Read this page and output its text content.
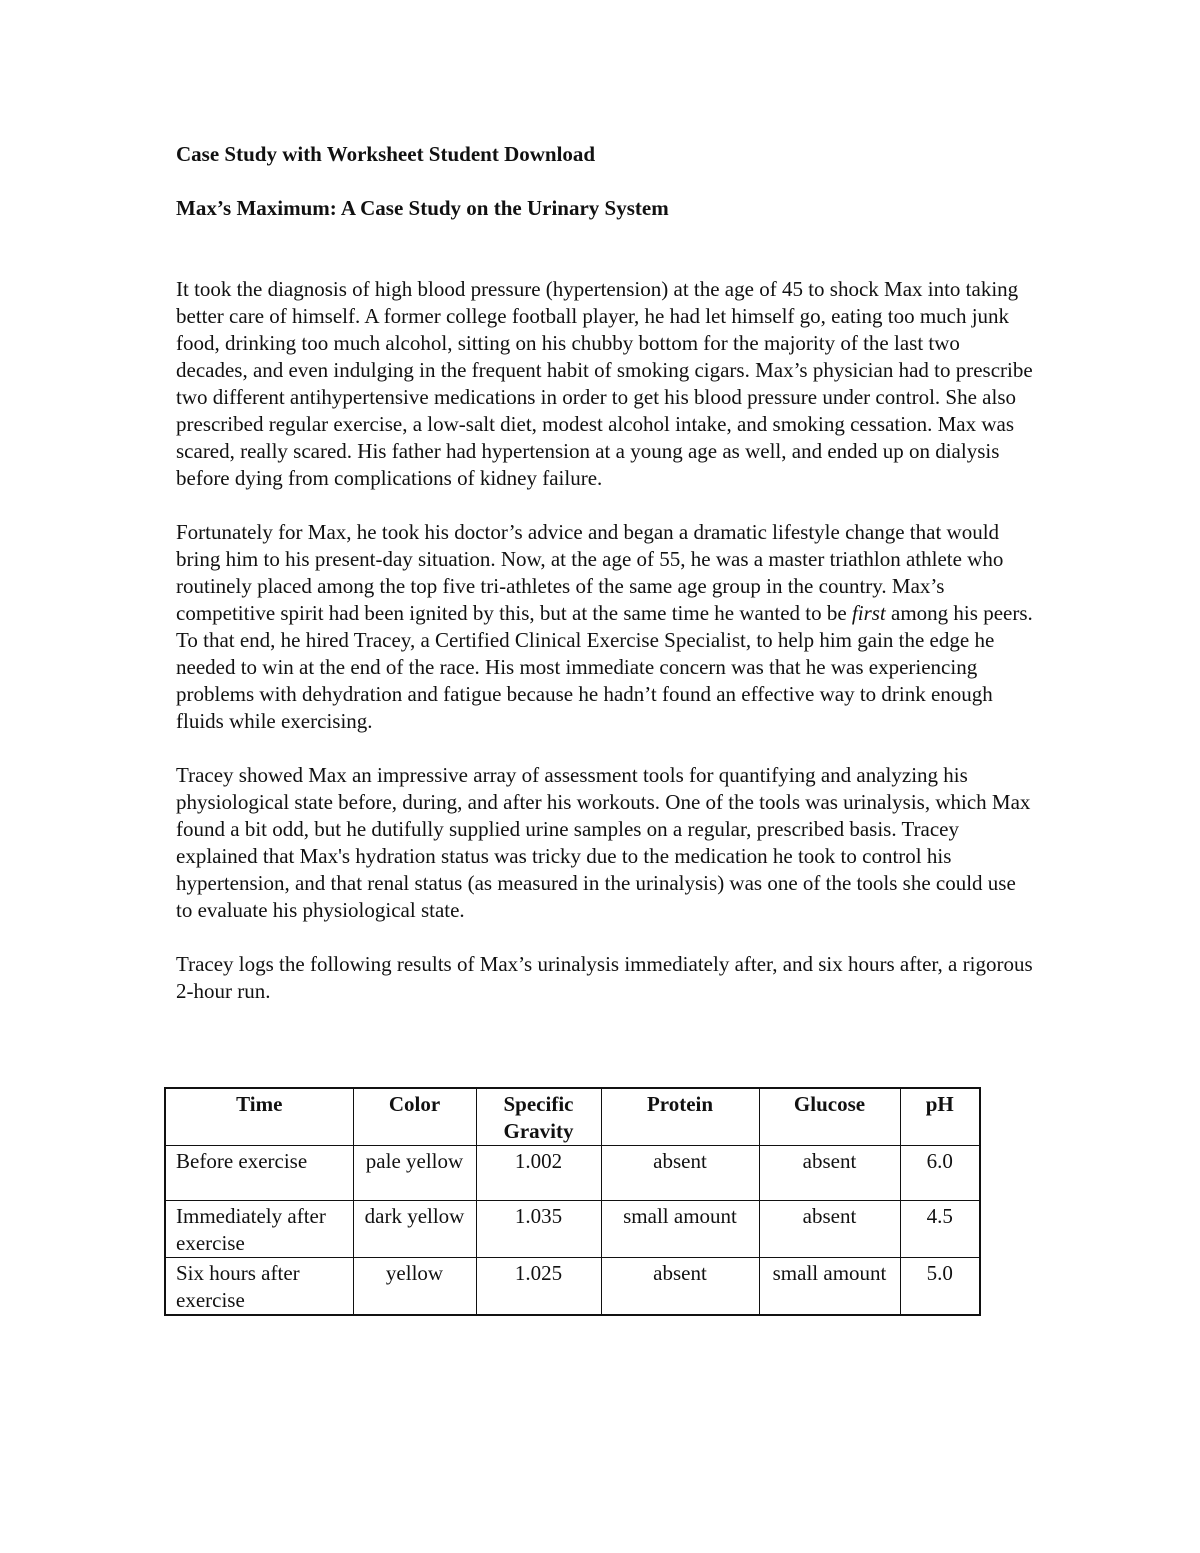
Case Study with Worksheet Student Download

Max’s Maximum: A Case Study on the Urinary System

It took the diagnosis of high blood pressure (hypertension) at the age of 45 to shock Max into taking better care of himself. A former college football player, he had let himself go, eating too much junk food, drinking too much alcohol, sitting on his chubby bottom for the majority of the last two decades, and even indulging in the frequent habit of smoking cigars. Max’s physician had to prescribe two different antihypertensive medications in order to get his blood pressure under control. She also prescribed regular exercise, a low-salt diet, modest alcohol intake, and smoking cessation. Max was scared, really scared. His father had hypertension at a young age as well, and ended up on dialysis before dying from complications of kidney failure.

Fortunately for Max, he took his doctor’s advice and began a dramatic lifestyle change that would bring him to his present-day situation. Now, at the age of 55, he was a master triathlon athlete who routinely placed among the top five tri-athletes of the same age group in the country. Max’s competitive spirit had been ignited by this, but at the same time he wanted to be first among his peers. To that end, he hired Tracey, a Certified Clinical Exercise Specialist, to help him gain the edge he needed to win at the end of the race. His most immediate concern was that he was experiencing problems with dehydration and fatigue because he hadn’t found an effective way to drink enough fluids while exercising.

Tracey showed Max an impressive array of assessment tools for quantifying and analyzing his physiological state before, during, and after his workouts. One of the tools was urinalysis, which Max found a bit odd, but he dutifully supplied urine samples on a regular, prescribed basis. Tracey explained that Max's hydration status was tricky due to the medication he took to control his hypertension, and that renal status (as measured in the urinalysis) was one of the tools she could use to evaluate his physiological state.

Tracey logs the following results of Max’s urinalysis immediately after, and six hours after, a rigorous 2-hour run.

Time	Color	Specific Gravity	Protein	Glucose	pH
Before exercise	pale yellow	1.002	absent	absent	6.0
Immediately after exercise	dark yellow	1.035	small amount	absent	4.5
Six hours after exercise	yellow	1.025	absent	small amount	5.0
